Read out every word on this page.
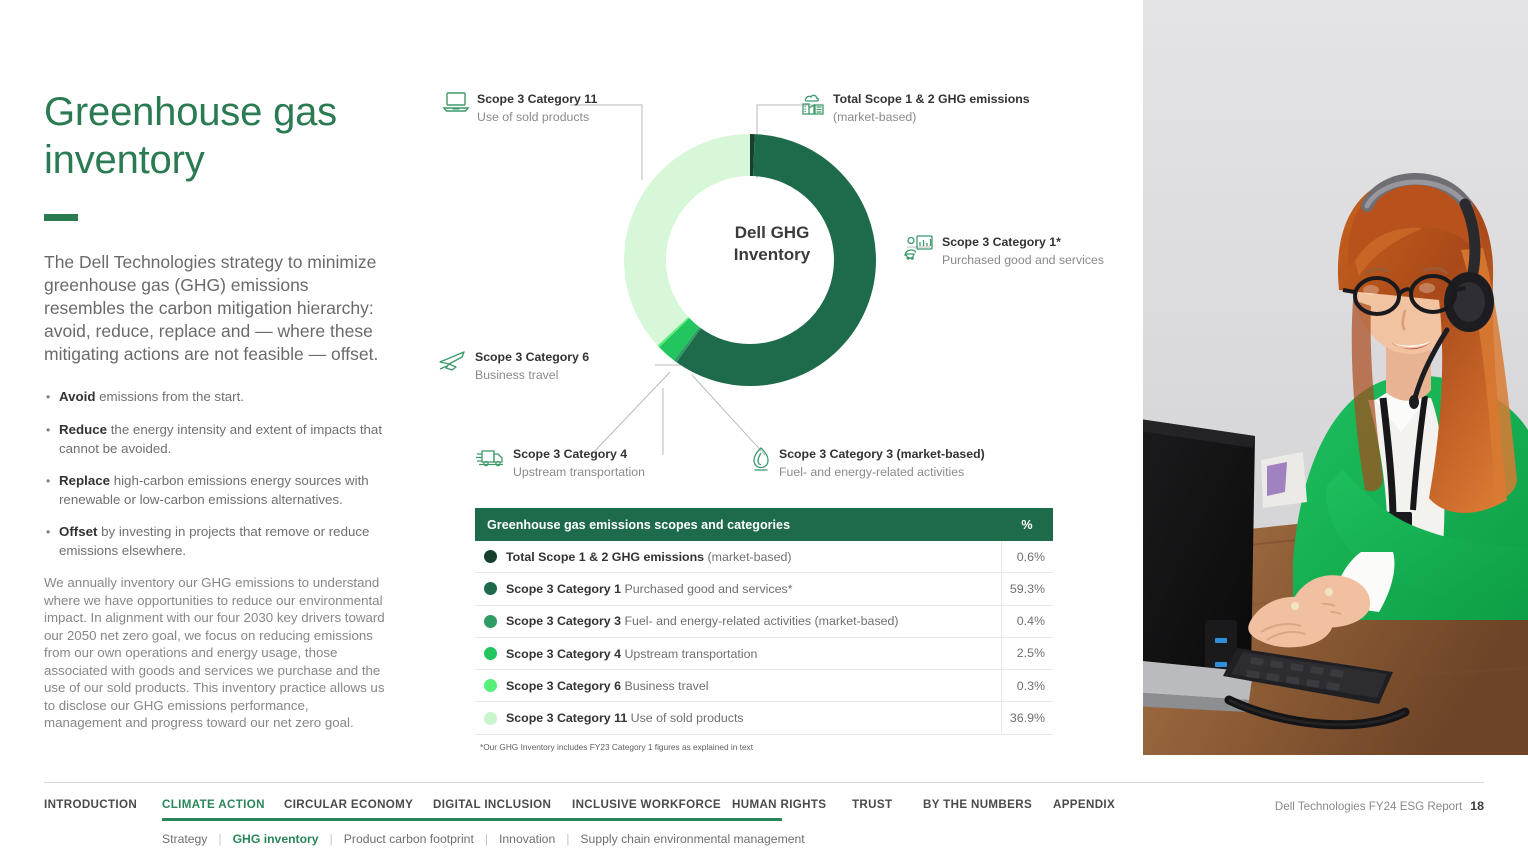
Greenhouse gas inventory
The Dell Technologies strategy to minimize greenhouse gas (GHG) emissions resembles the carbon mitigation hierarchy: avoid, reduce, replace and — where these mitigating actions are not feasible — offset.
• Avoid emissions from the start.
• Reduce the energy intensity and extent of impacts that cannot be avoided.
• Replace high-carbon emissions energy sources with renewable or low-carbon emissions alternatives.
• Offset by investing in projects that remove or reduce emissions elsewhere.
We annually inventory our GHG emissions to understand where we have opportunities to reduce our environmental impact. In alignment with our four 2030 key drivers toward our 2050 net zero goal, we focus on reducing emissions from our own operations and energy usage, those associated with goods and services we purchase and the use of our sold products. This inventory practice allows us to disclose our GHG emissions performance, management and progress toward our net zero goal.
Dell GHG
Inventory
Scope 3 Category 11
Use of sold products
Total Scope 1 & 2 GHG emissions
(market-based)
Scope 3 Category 1*
Purchased good and services
Scope 3 Category 6
Business travel
Scope 3 Category 4
Upstream transportation
Scope 3 Category 3 (market-based)
Fuel- and energy-related activities
Greenhouse gas emissions scopes and categories	%
Total Scope 1 & 2 GHG emissions (market-based)	0.6%
Scope 3 Category 1 Purchased good and services*	59.3%
Scope 3 Category 3 Fuel- and energy-related activities (market-based)	0.4%
Scope 3 Category 4 Upstream transportation	2.5%
Scope 3 Category 6 Business travel	0.3%
Scope 3 Category 11 Use of sold products	36.9%
*Our GHG Inventory includes FY23 Category 1 figures as explained in text
INTRODUCTION CLIMATE ACTION CIRCULAR ECONOMY DIGITAL INCLUSION INCLUSIVE WORKFORCE HUMAN RIGHTS TRUST	BY THE NUMBERS APPENDIX
Strategy | GHG inventory | Product carbon footprint | Innovation | Supply chain environmental management
Dell Technologies FY24 ESG Report 18
